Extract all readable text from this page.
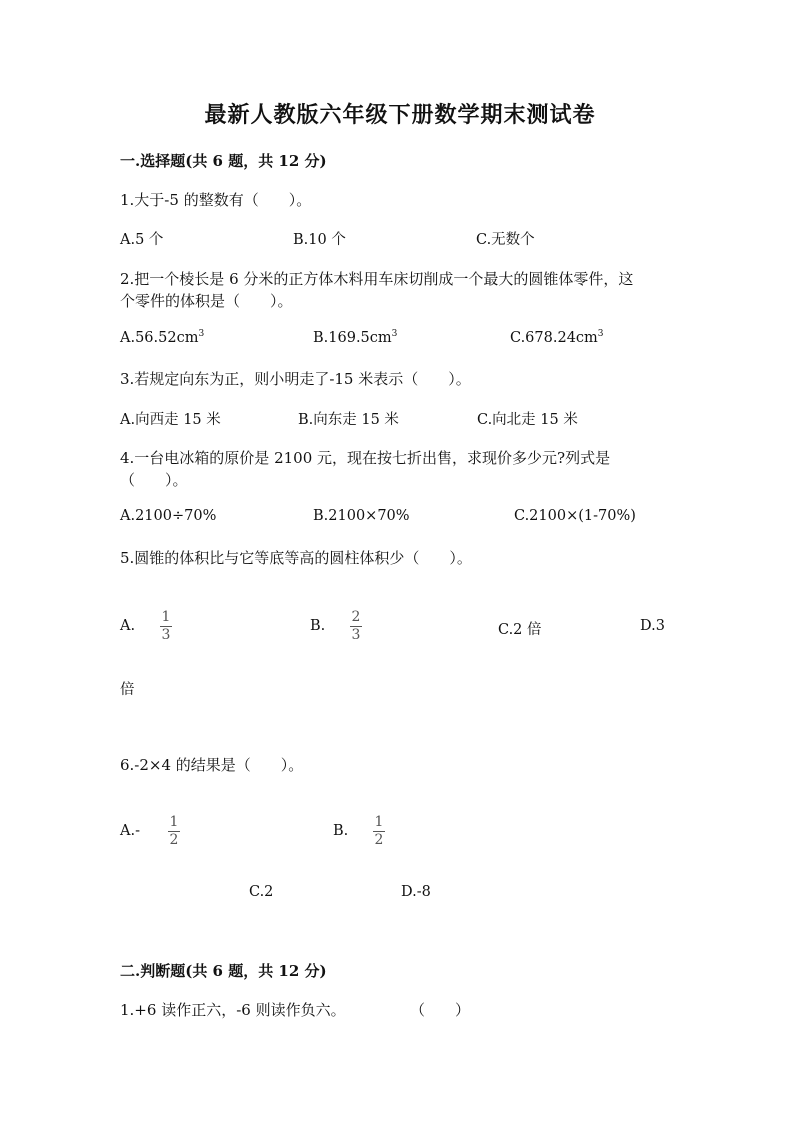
最新人教版六年级下册数学期末测试卷
一.选择题(共 6 题，共 12 分)
1.大于-5 的整数有（　　）。
A.5 个	B.10 个	C.无数个
2.把一个棱长是 6 分米的正方体木料用车床切削成一个最大的圆锥体零件，这
个零件的体积是（　　）。
$A.56.52cm^3$	$B.169.5cm^3$	$C.678.24cm^3$
3.若规定向东为正，则小明走了-15 米表示（　　）。
A.向西走 15 米	B.向东走 15 米	C.向北走 15 米
4.一台电冰箱的原价是 2100 元，现在按七折出售，求现价多少元?列式是
（　　）。
A.2100÷70%	B.2100×70%	C.2100×(1-70%)
5.圆锥的体积比与它等底等高的圆柱体积少（　　）。
A.
1
3
B.
2
3	C.2 倍	D.3
倍
6.-2×4 的结果是（　　）。
A.-
1
2
B.
1
2
C.2	D.-8
二.判断题(共 6 题，共 12 分)
1.+6 读作正六，-6 则读作负六。	（　　）
